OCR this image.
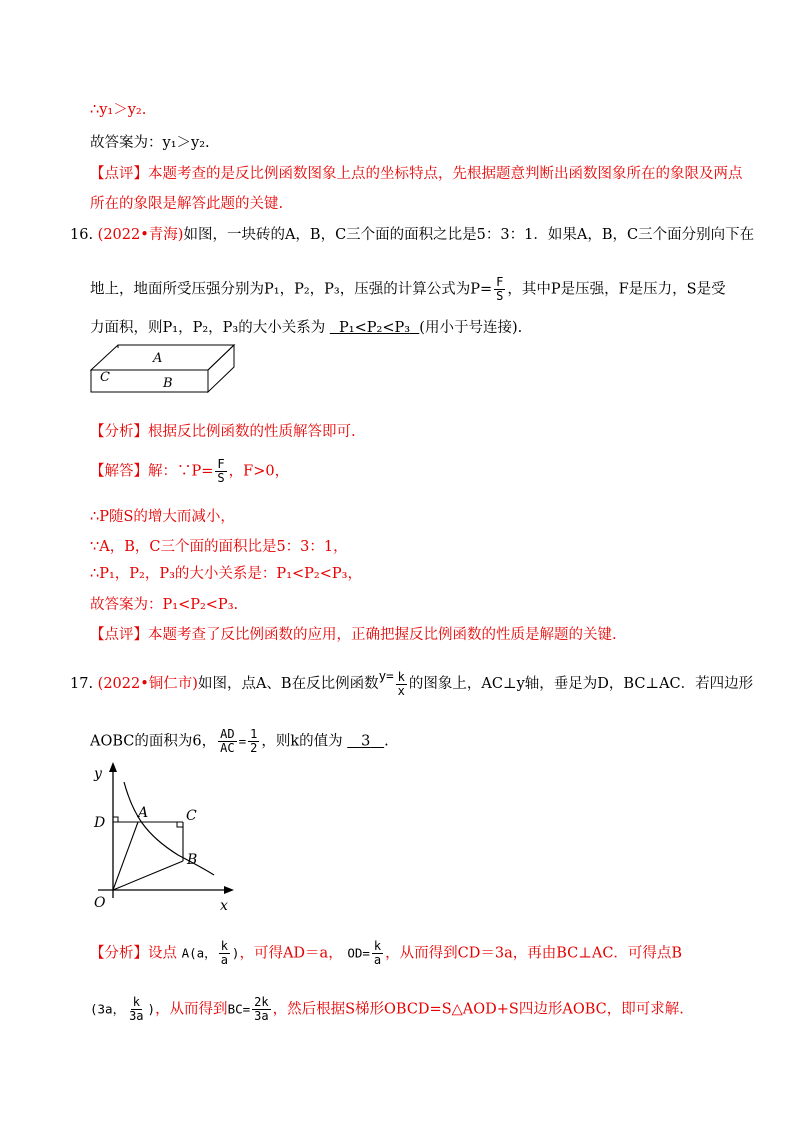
∴y₁＞y₂.
故答案为：y₁＞y₂.
【点评】本题考查的是反比例函数图象上点的坐标特点，先根据题意判断出函数图象所在的象限及两点
所在的象限是解答此题的关键.
16. (2022•青海)如图，一块砖的A，B，C三个面的面积之比是5：3：1．如果A，B，C三个面分别向下在
地上，地面所受压强分别为P₁，P₂，P₃，压强的计算公式为$P= \frac{F}{S}$ ，其中P是压强，F是压力，S是受
力面积，则P₁，P₂，P₃的大小关系为 P₁<P₂<P₃ (用小于号连接).
A
B
C
【分析】根据反比例函数的性质解答即可.
【解答】解：∵P= $\frac{F}{S}$ ，F>0，
∴P随S的增大而减小，
∵A，B，C三个面的面积比是5：3：1，
∴P₁，P₂，P₃的大小关系是：P₁<P₂<P₃，
故答案为：P₁<P₂<P₃.
【点评】本题考查了反比例函数的应用，正确把握反比例函数的性质是解题的关键.
17. (2022•铜仁市)如图，点A、B在反比例函数$y= \frac{k}{x}$ 的图象上，AC⊥y轴，垂足为D，BC⊥AC．若四边形
AOBC的面积为6， $\frac{AD}{AC} = \frac{1}{2}$ ，则k的值为 3 .
y
x
O
D
A	C
B
【分析】设点 A(a， $\frac{k}{a}$ )，可得AD＝a， $OD= \frac{k}{a}$ ，从而得到CD＝3a，再由BC⊥AC．可得点B
(3a， $\frac{k}{3a}$ )，从而得到$BC= \frac{2k}{3a}$ ，然后根据S梯形OBCD=S△AOD+S四边形AOBC，即可求解.
